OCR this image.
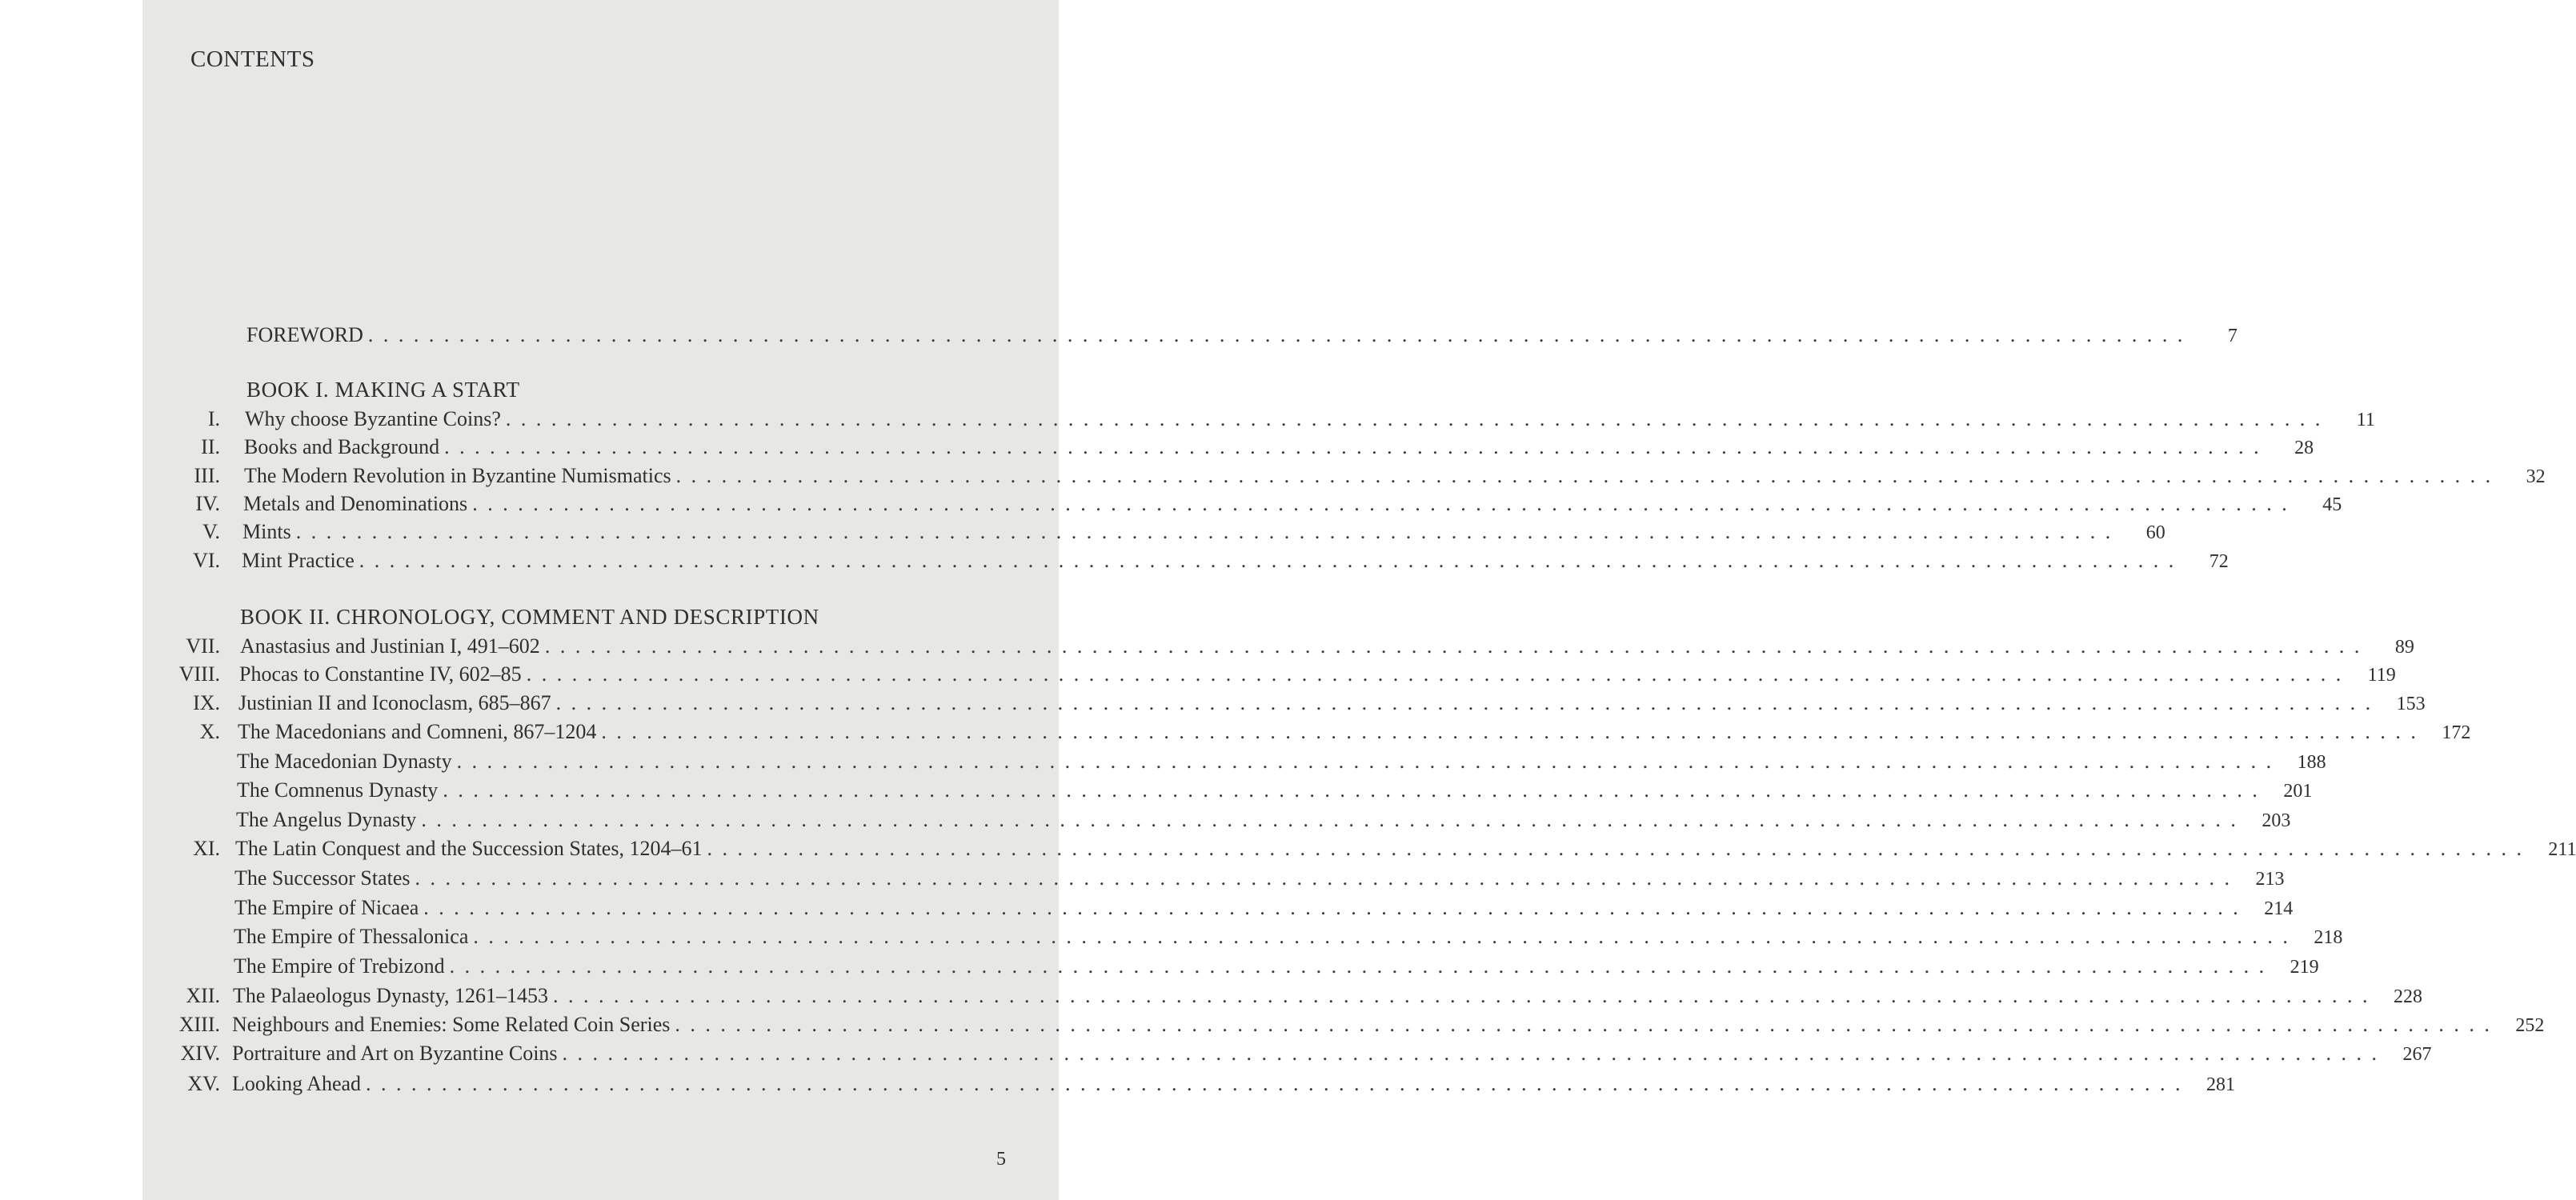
CONTENTS
FOREWORD ........................................................................................................................	7
BOOK I. MAKING A START
I. Why choose Byzantine Coins? ........................................................................................................................	11
II. Books and Background ........................................................................................................................	28
III. The Modern Revolution in Byzantine Numismatics ........................................................................................................................	32
IV. Metals and Denominations ........................................................................................................................	45
V. Mints ........................................................................................................................	60
VI. Mint Practice ........................................................................................................................	72
BOOK II. CHRONOLOGY, COMMENT AND DESCRIPTION
VII. Anastasius and Justinian I, 491–602 ........................................................................................................................	89
VIII. Phocas to Constantine IV, 602–85 ........................................................................................................................ 119
IX. Justinian II and Iconoclasm, 685–867 ........................................................................................................................ 153
X. The Macedonians and Comneni, 867–1204 ........................................................................................................................ 172
The Macedonian Dynasty ........................................................................................................................ 188
The Comnenus Dynasty ........................................................................................................................ 201
The Angelus Dynasty ........................................................................................................................ 203
XI. The Latin Conquest and the Succession States, 1204–61 ........................................................................................................................ 211
The Successor States ........................................................................................................................ 213
The Empire of Nicaea ........................................................................................................................ 214
The Empire of Thessalonica ........................................................................................................................ 218
The Empire of Trebizond ........................................................................................................................ 219
XII. The Palaeologus Dynasty, 1261–1453 ........................................................................................................................ 228
XIII. Neighbours and Enemies: Some Related Coin Series ........................................................................................................................ 252
XIV. Portraiture and Art on Byzantine Coins ........................................................................................................................ 267
XV. Looking Ahead ........................................................................................................................ 281
5
